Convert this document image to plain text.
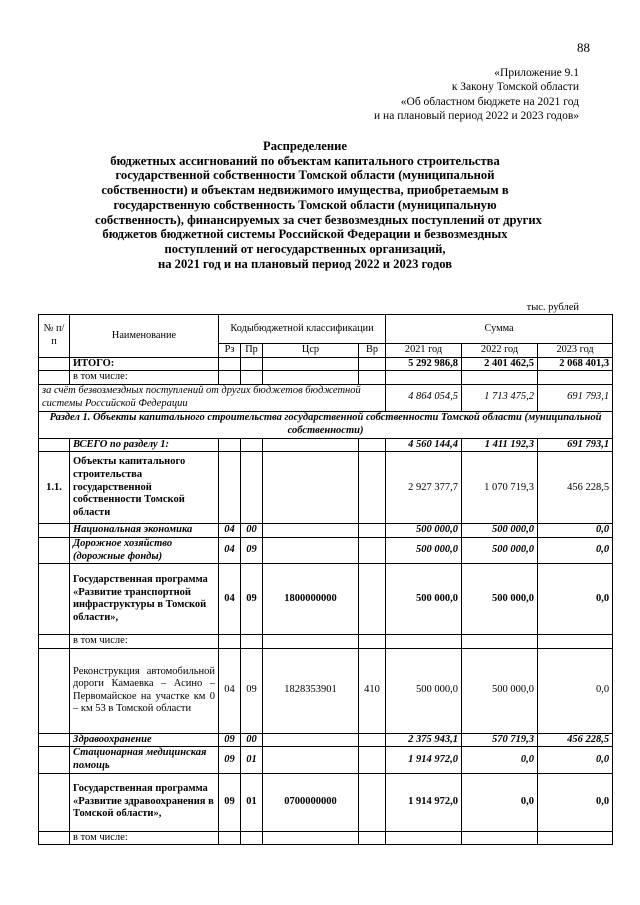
88
«Приложение 9.1
к Закону Томской области
«Об областном бюджете на 2021 год
и на плановый период 2022 и 2023 годов»
Распределение
бюджетных ассигнований по объектам капитального строительства
государственной собственности Томской области (муниципальной
собственности) и объектам недвижимого имущества, приобретаемым в
государственную собственность Томской области (муниципальную
собственность), финансируемых за счет безвозмездных поступлений от других
бюджетов бюджетной системы Российской Федерации и безвозмездных
поступлений от негосударственных организаций,
на 2021 год и на плановый период 2022 и 2023 годов
тыс. рублей
№ п/п	Наименование	Кодыбюджетной классификации				Сумма		
		Рз	Пр	Цср	Вр	2021 год	2022 год	2023 год
	ИТОГО:					5 292 986,8	2 401 462,5	2 068 401,3
	в том числе:							
за счёт безвозмездных поступлений от других бюджетов бюджетной системы Российской Федерации						4 864 054,5	1 713 475,2	691 793,1
Раздел 1. Объекты капитального строительства государственной собственности Томской области (муниципальной собственности)								
	ВСЕГО по разделу 1:					4 560 144,4	1 411 192,3	691 793,1
1.1.	Объекты капитального строительства государственной собственности Томской области					2 927 377,7	1 070 719,3	456 228,5
	Национальная экономика	04	00			500 000,0	500 000,0	0,0
	Дорожное хозяйство (дорожные фонды)	04	09			500 000,0	500 000,0	0,0
	Государственная программа «Развитие транспортной инфраструктуры в Томской области»,	04	09	1800000000		500 000,0	500 000,0	0,0
	в том числе:							
	Реконструкция автомобильной дороги Камаевка – Асино – Первомайское на участке км 0 – км 53 в Томской области	04	09	1828353901	410	500 000,0	500 000,0	0,0
	Здравоохранение	09	00			2 375 943,1	570 719,3	456 228,5
	Стационарная медицинская помощь	09	01			1 914 972,0	0,0	0,0
	Государственная программа «Развитие здравоохранения в Томской области»,	09	01	0700000000		1 914 972,0	0,0	0,0
	в том числе:							
